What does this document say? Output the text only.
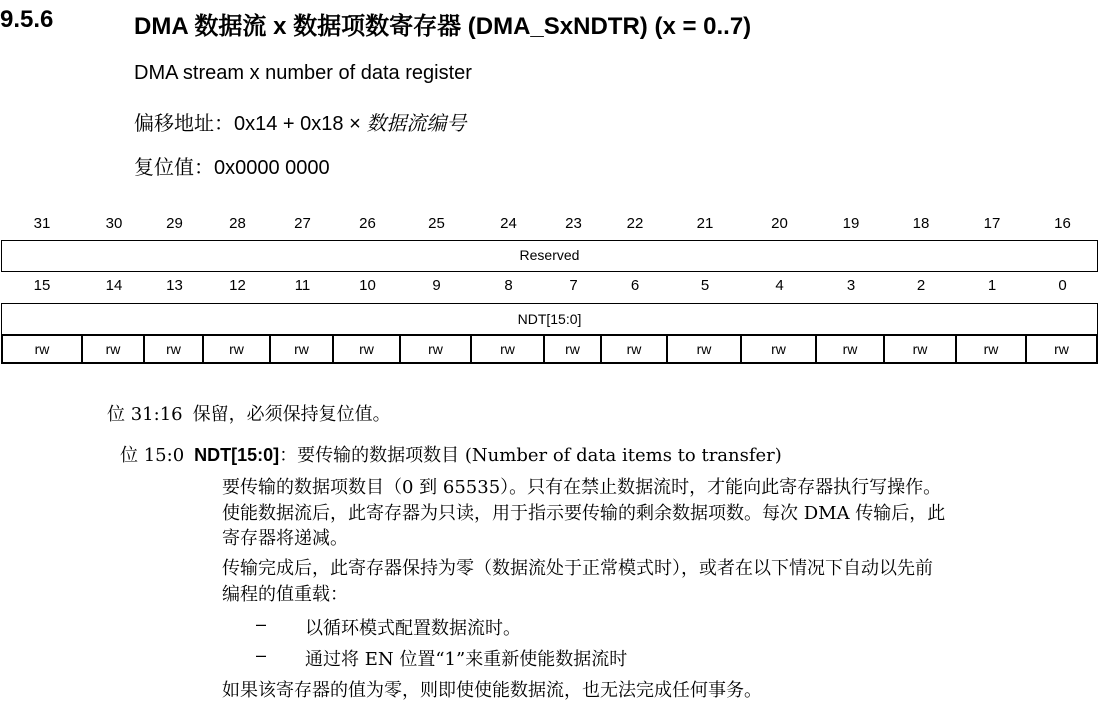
9.5.6	DMA 数据流 x 数据项数寄存器 (DMA_SxNDTR) (x = 0..7)
DMA stream x number of data register
偏移地址：0x14 + 0x18 × 数据流编号
复位值：0x0000 0000
31	30	29	28	27	26	25	24	23	22	21	20	19	18	17	16
Reserved
15	14	13	12	11	10	9	8	7	6	5	4	3	2	1	0
NDT[15:0]
rw	rw	rw	rw	rw	rw	rw	rw	rw	rw	rw	rw	rw	rw	rw	rw
位 31:16 保留，必须保持复位值。
位 15:0 NDT[15:0]：要传输的数据项数目 (Number of data items to transfer)
要传输的数据项数目（0 到 65535）。只有在禁止数据流时，才能向此寄存器执行写操作。
使能数据流后，此寄存器为只读，用于指示要传输的剩余数据项数。每次 DMA 传输后，此
寄存器将递减。
传输完成后，此寄存器保持为零（数据流处于正常模式时），或者在以下情况下自动以先前
编程的值重载：
– 以循环模式配置数据流时。
– 通过将 EN 位置“1”来重新使能数据流时
如果该寄存器的值为零，则即使使能数据流，也无法完成任何事务。
